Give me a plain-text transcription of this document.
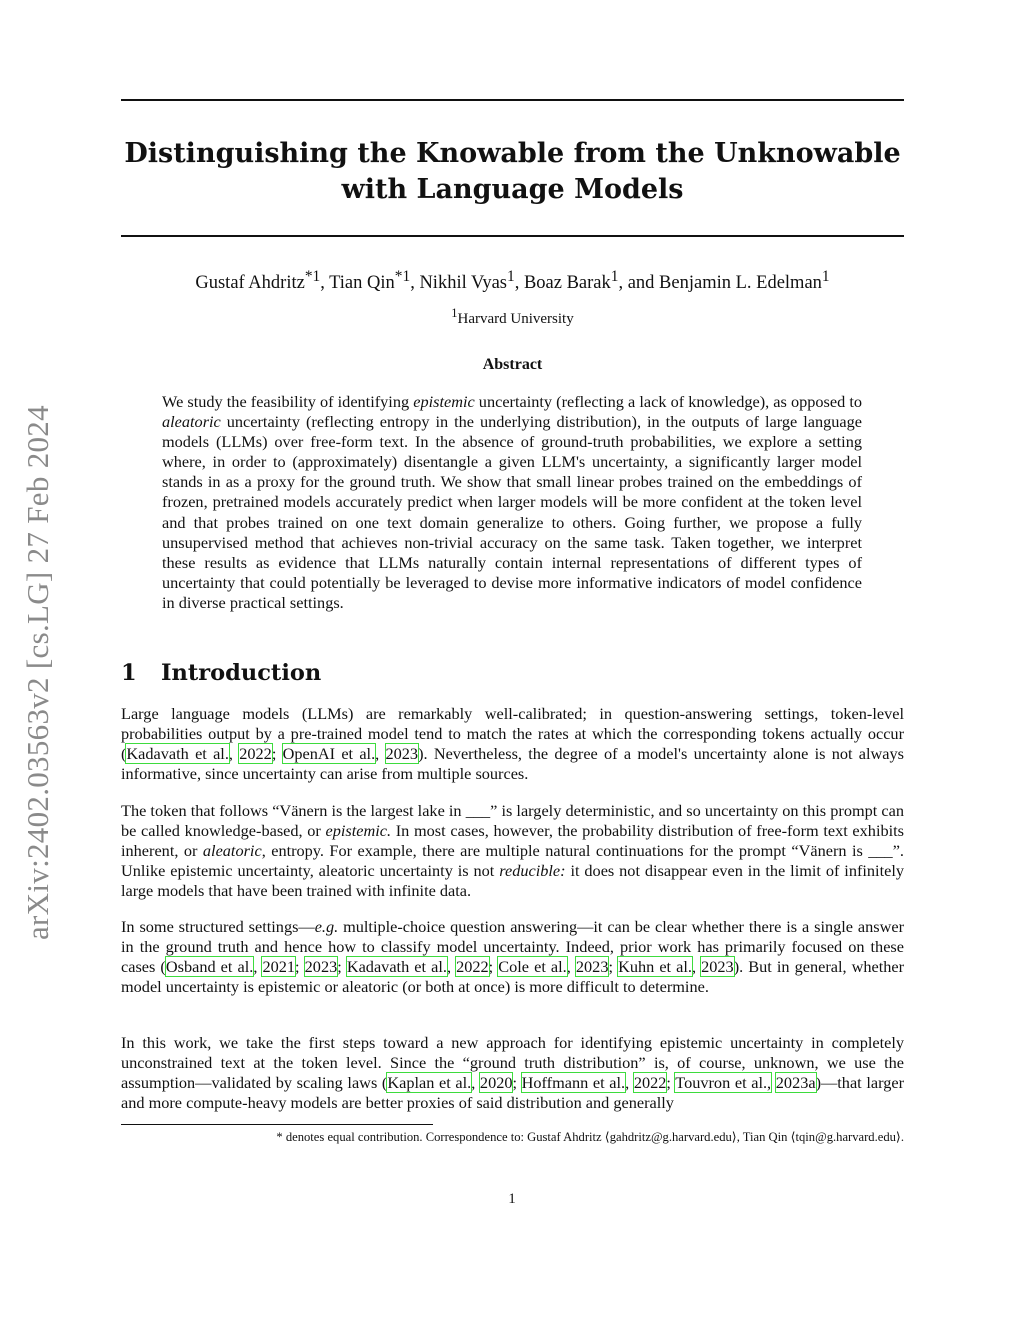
arXiv:2402.03563v2 [cs.LG] 27 Feb 2024
Distinguishing the Knowable from the Unknowable
with Language Models
Gustaf Ahdritz$^{*1}$, Tian Qin$^{*1}$, Nikhil Vyas$^1$, Boaz Barak$^1$, and Benjamin L. Edelman$^1$
$^1$Harvard University
Abstract
We study the feasibility of identifying epistemic uncertainty (reflecting a lack of knowledge), as opposed to aleatoric uncertainty (reflecting entropy in the underlying distribution), in the outputs of large language models (LLMs) over free-form text. In the absence of ground-truth probabilities, we explore a setting where, in order to (approximately) disentangle a given LLM's uncertainty, a significantly larger model stands in as a proxy for the ground truth. We show that small linear probes trained on the embeddings of frozen, pretrained models accurately predict when larger models will be more confident at the token level and that probes trained on one text domain generalize to others. Going further, we propose a fully unsupervised method that achieves non-trivial accuracy on the same task. Taken together, we interpret these results as evidence that LLMs naturally contain internal representations of different types of uncertainty that could potentially be leveraged to devise more informative indicators of model confidence in diverse practical settings.
1 Introduction
Large language models (LLMs) are remarkably well-calibrated; in question-answering settings, token-level probabilities output by a pre-trained model tend to match the rates at which the corresponding tokens actually occur (Kadavath et al., 2022; OpenAI et al., 2023). Nevertheless, the degree of a model's uncertainty alone is not always informative, since uncertainty can arise from multiple sources.
The token that follows “Vänern is the largest lake in ___” is largely deterministic, and so uncertainty on this prompt can be called knowledge-based, or epistemic. In most cases, however, the probability distribution of free-form text exhibits inherent, or aleatoric, entropy. For example, there are multiple natural continuations for the prompt “Vänern is ___”. Unlike epistemic uncertainty, aleatoric uncertainty is not reducible: it does not disappear even in the limit of infinitely large models that have been trained with infinite data.
In some structured settings—e.g. multiple-choice question answering—it can be clear whether there is a single answer in the ground truth and hence how to classify model uncertainty. Indeed, prior work has primarily focused on these cases (Osband et al., 2021; 2023; Kadavath et al., 2022; Cole et al., 2023; Kuhn et al., 2023). But in general, whether model uncertainty is epistemic or aleatoric (or both at once) is more difficult to determine.
In this work, we take the first steps toward a new approach for identifying epistemic uncertainty in completely unconstrained text at the token level. Since the “ground truth distribution” is, of course, unknown, we use the assumption—validated by scaling laws (Kaplan et al., 2020; Hoffmann et al., 2022; Touvron et al., 2023a)—that larger and more compute-heavy models are better proxies of said distribution and generally
* denotes equal contribution. Correspondence to: Gustaf Ahdritz ⟨gahdritz@g.harvard.edu⟩, Tian Qin ⟨tqin@g.harvard.edu⟩.
1
